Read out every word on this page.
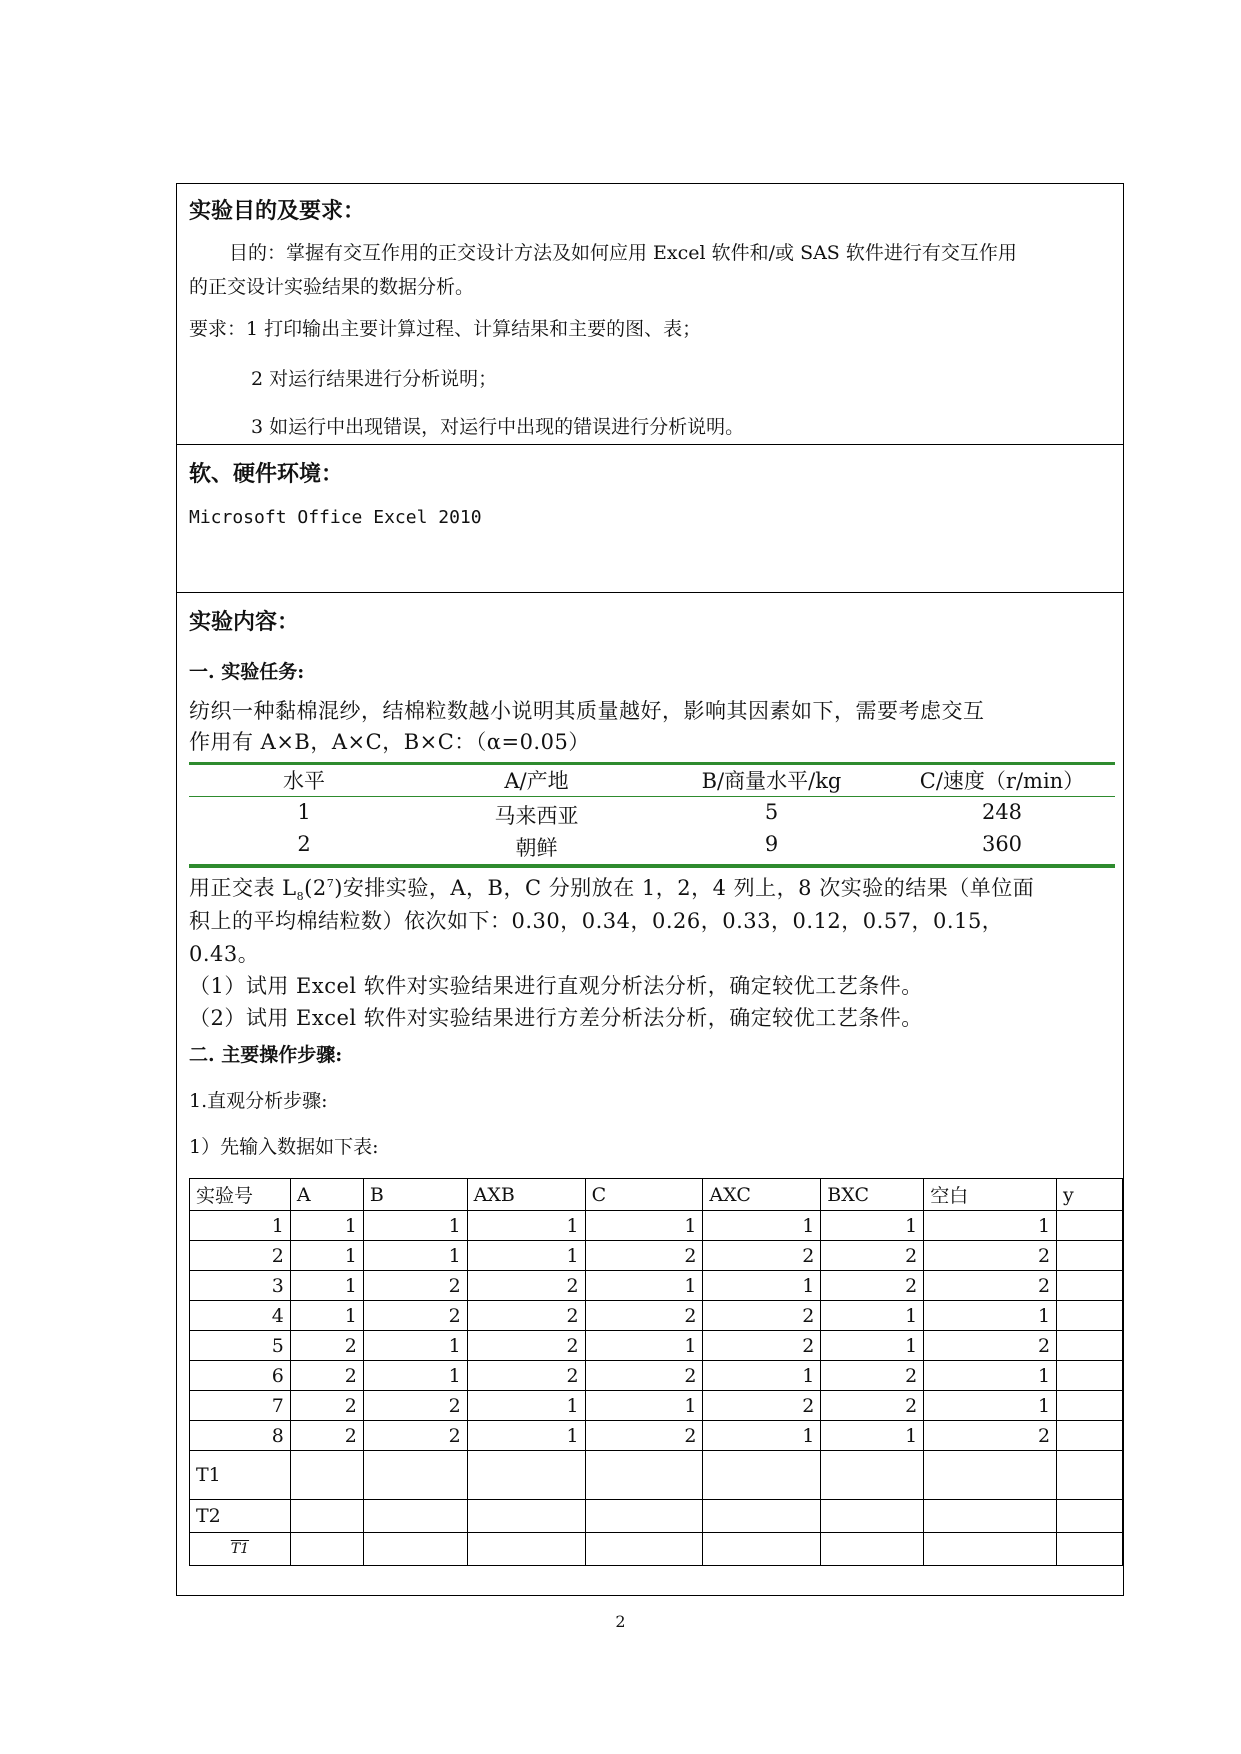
实验目的及要求：
目的：掌握有交互作用的正交设计方法及如何应用 Excel 软件和/或 SAS 软件进行有交互作用
的正交设计实验结果的数据分析。
要求：1 打印输出主要计算过程、计算结果和主要的图、表；
2 对运行结果进行分析说明；
3 如运行中出现错误，对运行中出现的错误进行分析说明。
软、硬件环境：
Microsoft Office Excel 2010
实验内容：
一. 实验任务:
纺织一种黏棉混纱，结棉粒数越小说明其质量越好，影响其因素如下，需要考虑交互
作用有 A×B，A×C，B×C：（α=0.05）
水平	A/产地	B/商量水平/kg	C/速度（r/min）
1	马来西亚	5	248
2	朝鲜	9	360
用正交表 $L_8(2^7)$安排实验，A，B，C 分别放在 1，2，4 列上，8 次实验的结果（单位面
积上的平均棉结粒数）依次如下：0.30，0.34，0.26，0.33，0.12，0.57，0.15，
0.43。
（1）试用 Excel 软件对实验结果进行直观分析法分析，确定较优工艺条件。
（2）试用 Excel 软件对实验结果进行方差分析法分析，确定较优工艺条件。
二. 主要操作步骤:
1.直观分析步骤:
1）先输入数据如下表:
实验号	A	B	AXB	C	AXC	BXC	空白	y
1	1	1	1	1	1	1	1	
2	1	1	1	2	2	2	2	
3	1	2	2	1	1	2	2	
4	1	2	2	2	2	1	1	
5	2	1	2	1	2	1	2	
6	2	1	2	2	1	2	1	
7	2	2	1	1	2	2	1	
8	2	2	1	2	1	1	2	
T1								
T2								
T1								
2
